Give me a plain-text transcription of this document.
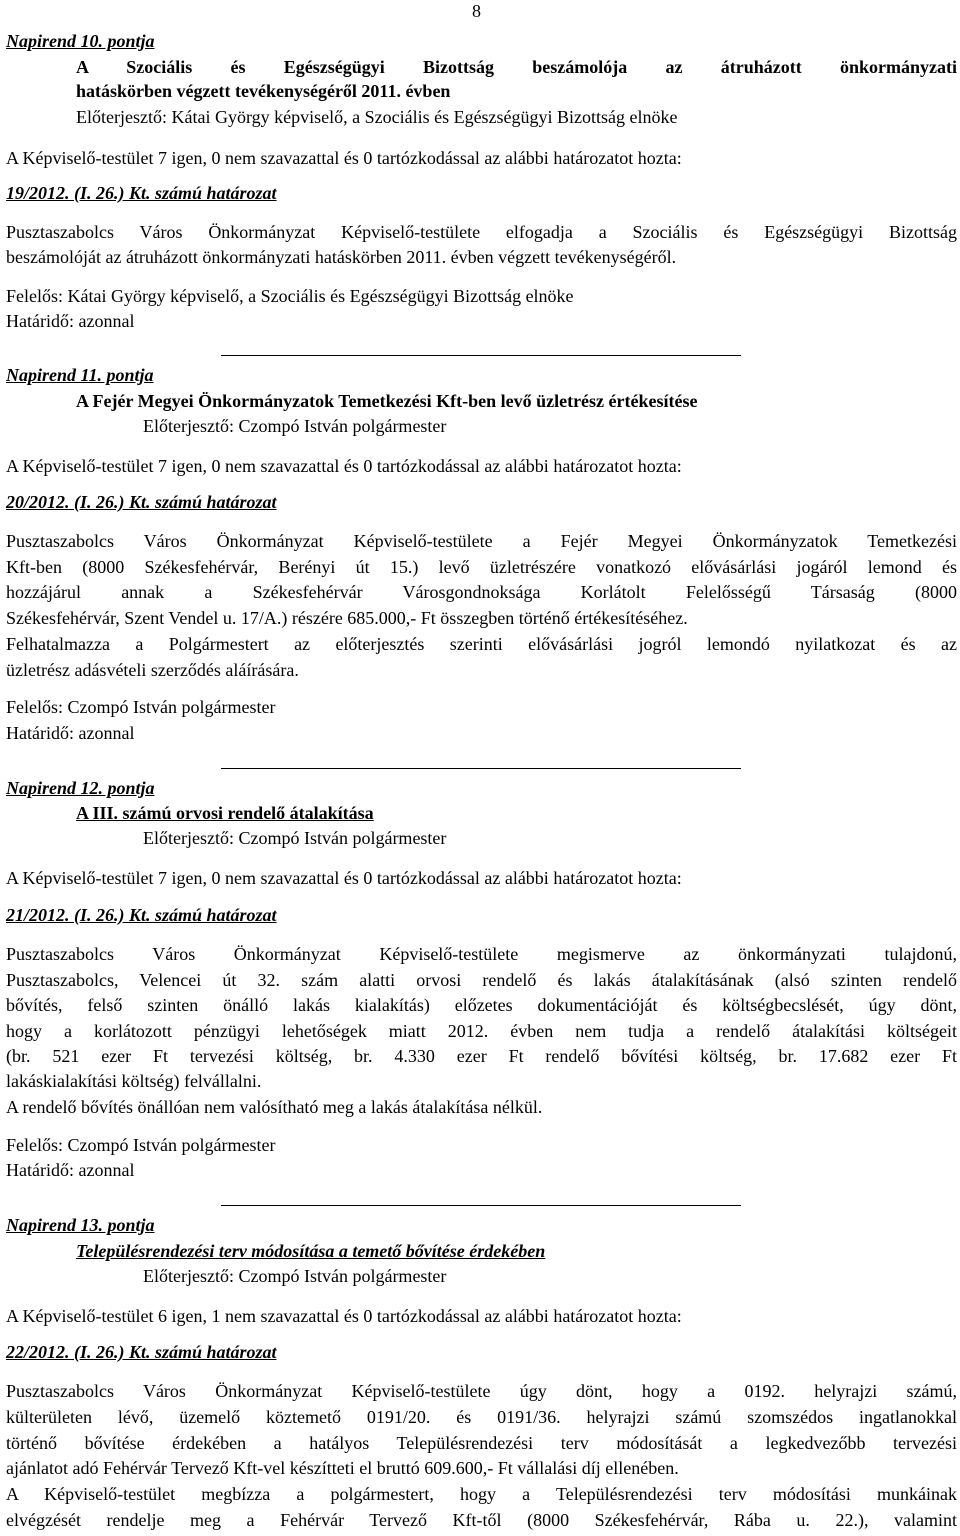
8
Napirend 10. pontja
A Szociális és Egészségügyi Bizottság beszámolója az átruházott önkormányzati
hatáskörben végzett tevékenységéről 2011. évben
Előterjesztő: Kátai György képviselő, a Szociális és Egészségügyi Bizottság elnöke
A Képviselő-testület 7 igen, 0 nem szavazattal és 0 tartózkodással az alábbi határozatot hozta:
19/2012. (I. 26.) Kt. számú határozat
Pusztaszabolcs Város Önkormányzat Képviselő-testülete elfogadja a Szociális és Egészségügyi Bizottság
beszámolóját az átruházott önkormányzati hatáskörben 2011. évben végzett tevékenységéről.
Felelős: Kátai György képviselő, a Szociális és Egészségügyi Bizottság elnöke
Határidő: azonnal
Napirend 11. pontja
A Fejér Megyei Önkormányzatok Temetkezési Kft-ben levő üzletrész értékesítése
Előterjesztő: Czompó István polgármester
A Képviselő-testület 7 igen, 0 nem szavazattal és 0 tartózkodással az alábbi határozatot hozta:
20/2012. (I. 26.) Kt. számú határozat
Pusztaszabolcs Város Önkormányzat Képviselő-testülete a Fejér Megyei Önkormányzatok Temetkezési
Kft-ben (8000 Székesfehérvár, Berényi út 15.) levő üzletrészére vonatkozó elővásárlási jogáról lemond és
hozzájárul annak a Székesfehérvár Városgondnoksága Korlátolt Felelősségű Társaság (8000
Székesfehérvár, Szent Vendel u. 17/A.) részére 685.000,- Ft összegben történő értékesítéséhez.
Felhatalmazza a Polgármestert az előterjesztés szerinti elővásárlási jogról lemondó nyilatkozat és az
üzletrész adásvételi szerződés aláírására.
Felelős: Czompó István polgármester
Határidő: azonnal
Napirend 12. pontja
A III. számú orvosi rendelő átalakítása
Előterjesztő: Czompó István polgármester
A Képviselő-testület 7 igen, 0 nem szavazattal és 0 tartózkodással az alábbi határozatot hozta:
21/2012. (I. 26.) Kt. számú határozat
Pusztaszabolcs Város Önkormányzat Képviselő-testülete megismerve az önkormányzati tulajdonú,
Pusztaszabolcs, Velencei út 32. szám alatti orvosi rendelő és lakás átalakításának (alsó szinten rendelő
bővítés, felső szinten önálló lakás kialakítás) előzetes dokumentációját és költségbecslését, úgy dönt,
hogy a korlátozott pénzügyi lehetőségek miatt 2012. évben nem tudja a rendelő átalakítási költségeit
(br. 521 ezer Ft tervezési költség, br. 4.330 ezer Ft rendelő bővítési költség, br. 17.682 ezer Ft
lakáskialakítási költség) felvállalni.
A rendelő bővítés önállóan nem valósítható meg a lakás átalakítása nélkül.
Felelős: Czompó István polgármester
Határidő: azonnal
Napirend 13. pontja
Településrendezési terv módosítása a temető bővítése érdekében
Előterjesztő: Czompó István polgármester
A Képviselő-testület 6 igen, 1 nem szavazattal és 0 tartózkodással az alábbi határozatot hozta:
22/2012. (I. 26.) Kt. számú határozat
Pusztaszabolcs Város Önkormányzat Képviselő-testülete úgy dönt, hogy a 0192. helyrajzi számú,
külterületen lévő, üzemelő köztemető 0191/20. és 0191/36. helyrajzi számú szomszédos ingatlanokkal
történő bővítése érdekében a hatályos Településrendezési terv módosítását a legkedvezőbb tervezési
ajánlatot adó Fehérvár Tervező Kft-vel készítteti el bruttó 609.600,- Ft vállalási díj ellenében.
A Képviselő-testület megbízza a polgármestert, hogy a Településrendezési terv módosítási munkáinak
elvégzését rendelje meg a Fehérvár Tervező Kft-től (8000 Székesfehérvár, Rába u. 22.), valamint
